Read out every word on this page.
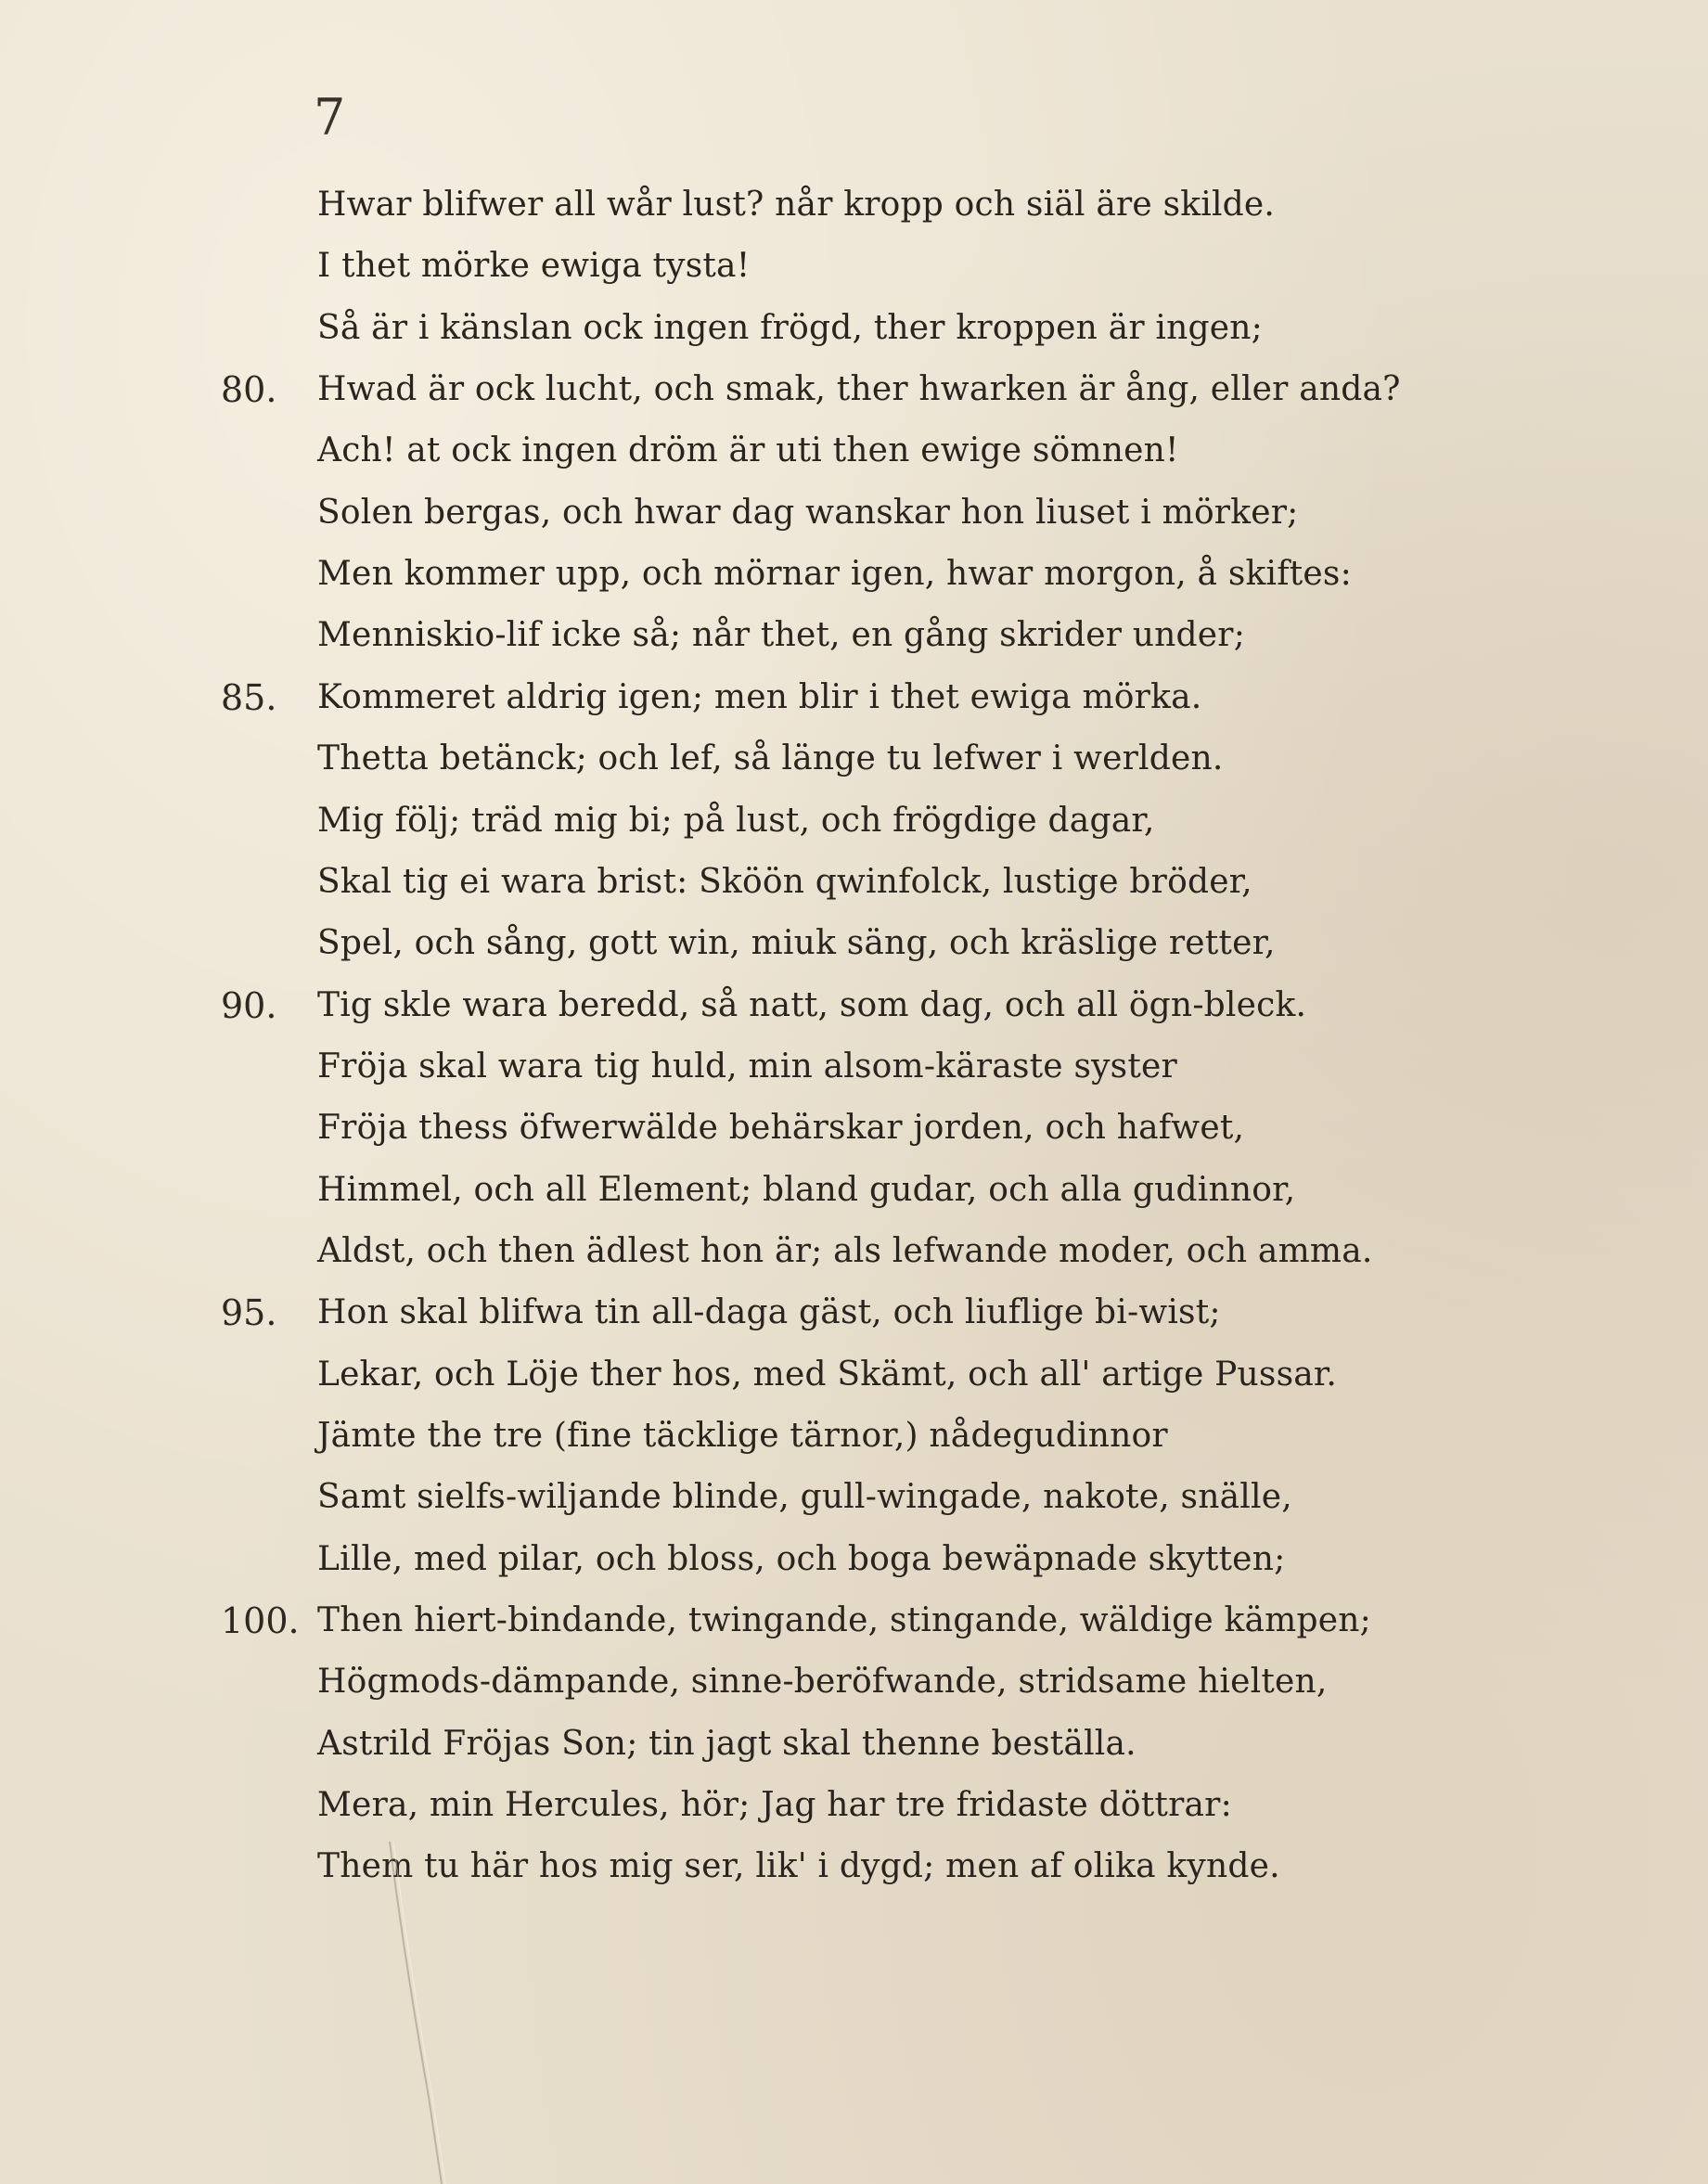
7
Hwar blifwer all wår lust? når kropp och siäl äre skilde.
I thet mörke ewiga tysta!
Så är i känslan ock ingen frögd, ther kroppen är ingen;
80.	Hwad är ock lucht, och smak, ther hwarken är ång, eller anda?
Ach! at ock ingen dröm är uti then ewige sömnen!
Solen bergas, och hwar dag wanskar hon liuset i mörker;
Men kommer upp, och mörnar igen, hwar morgon, å skiftes:
Menniskio-lif icke så; når thet, en gång skrider under;
85.	Kommeret aldrig igen; men blir i thet ewiga mörka.
Thetta betänck; och lef, så länge tu lefwer i werlden.
Mig följ; träd mig bi; på lust, och frögdige dagar,
Skal tig ei wara brist: Sköön qwinfolck, lustige bröder,
Spel, och sång, gott win, miuk säng, och kräslige retter,
90.	Tig skle wara beredd, så natt, som dag, och all ögn-bleck.
Fröja skal wara tig huld, min alsom-käraste syster
Fröja thess öfwerwälde behärskar jorden, och hafwet,
Himmel, och all Element; bland gudar, och alla gudinnor,
Aldst, och then ädlest hon är; als lefwande moder, och amma.
95.	Hon skal blifwa tin all-daga gäst, och liuflige bi-wist;
Lekar, och Löje ther hos, med Skämt, och all' artige Pussar.
Jämte the tre (fine täcklige tärnor,) nådegudinnor
Samt sielfs-wiljande blinde, gull-wingade, nakote, snälle,
Lille, med pilar, och bloss, och boga bewäpnade skytten;
100. Then hiert-bindande, twingande, stingande, wäldige kämpen;
Högmods-dämpande, sinne-beröfwande, stridsame hielten,
Astrild Fröjas Son; tin jagt skal thenne beställa.
Mera, min Hercules, hör; Jag har tre fridaste döttrar:
Them tu här hos mig ser, lik' i dygd; men af olika kynde.
